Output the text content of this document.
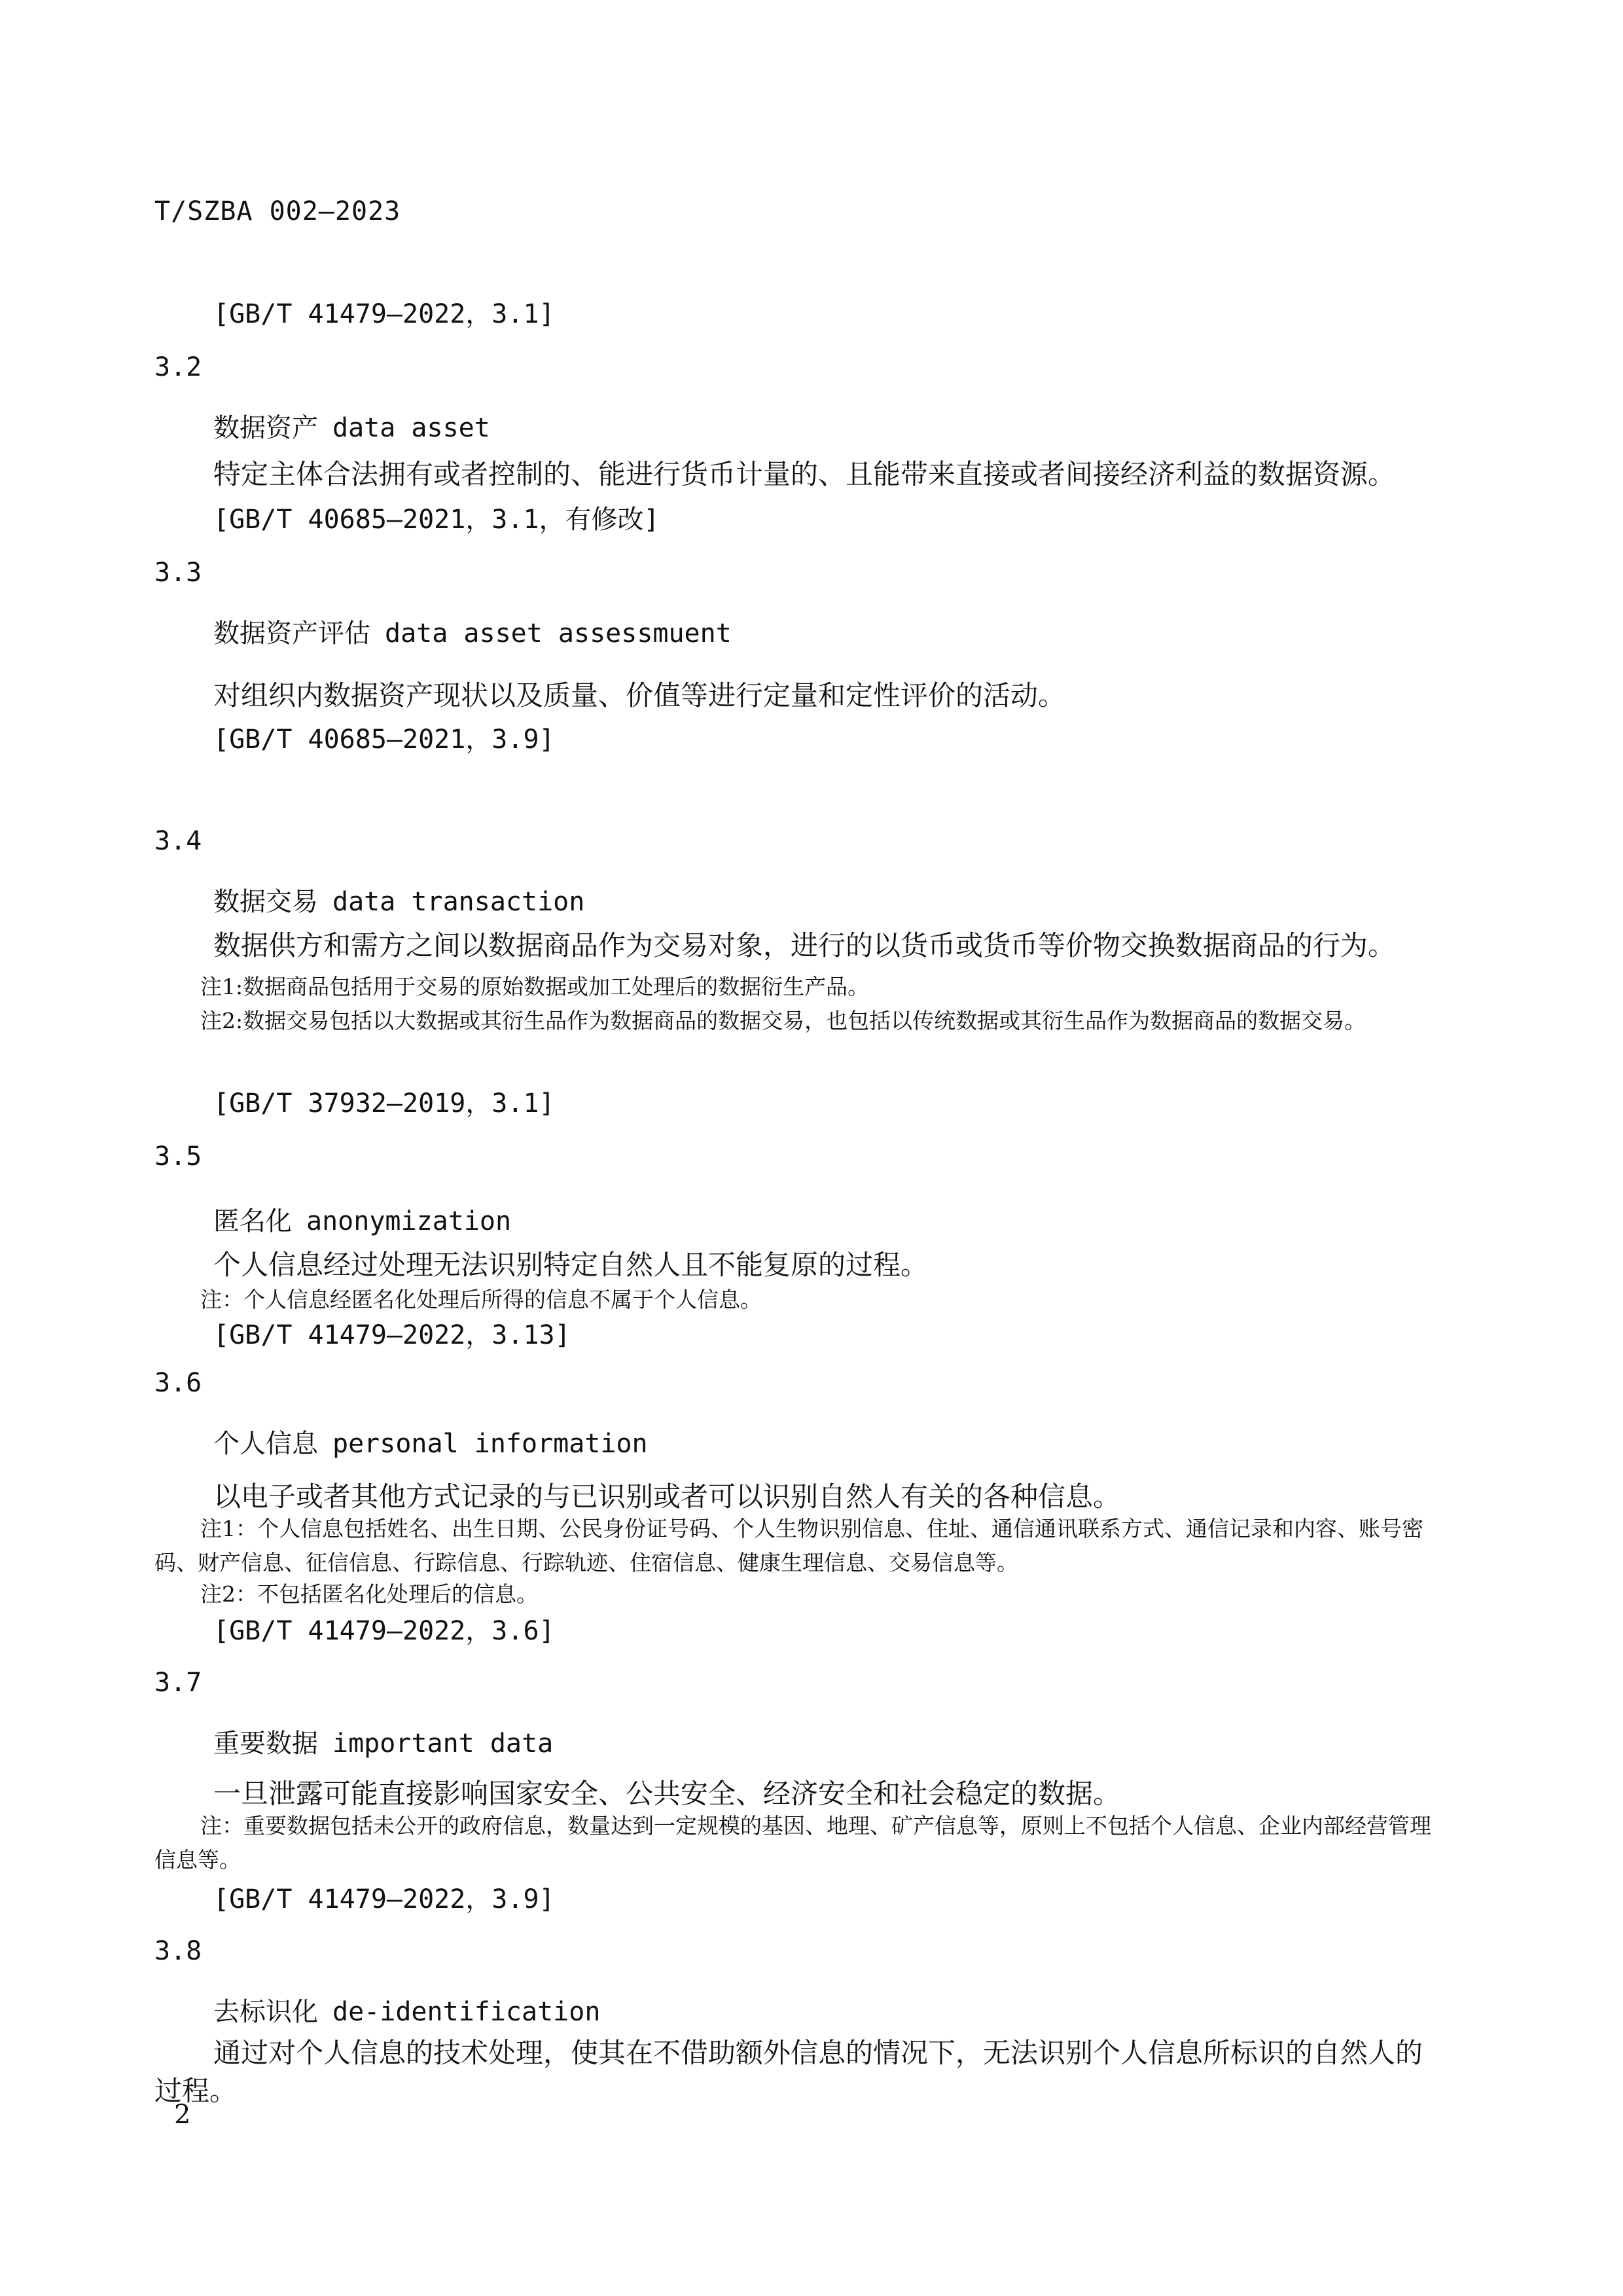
T/SZBA 002—2023
[GB/T 41479—2022，3.1]
3.2
数据资产 data asset
特定主体合法拥有或者控制的、能进行货币计量的、且能带来直接或者间接经济利益的数据资源。
[GB/T 40685—2021，3.1，有修改]
3.3
数据资产评估 data asset assessmuent
对组织内数据资产现状以及质量、价值等进行定量和定性评价的活动。
[GB/T 40685—2021，3.9]
3.4
数据交易 data transaction
数据供方和需方之间以数据商品作为交易对象，进行的以货币或货币等价物交换数据商品的行为。
注1:数据商品包括用于交易的原始数据或加工处理后的数据衍生产品。
注2:数据交易包括以大数据或其衍生品作为数据商品的数据交易，也包括以传统数据或其衍生品作为数据商品的数据交易。
[GB/T 37932—2019，3.1]
3.5
匿名化 anonymization
个人信息经过处理无法识别特定自然人且不能复原的过程。
注：个人信息经匿名化处理后所得的信息不属于个人信息。
[GB/T 41479—2022，3.13]
3.6
个人信息 personal information
以电子或者其他方式记录的与已识别或者可以识别自然人有关的各种信息。
注1：个人信息包括姓名、出生日期、公民身份证号码、个人生物识别信息、住址、通信通讯联系方式、通信记录和内容、账号密码、财产信息、征信信息、行踪信息、行踪轨迹、住宿信息、健康生理信息、交易信息等。
注2：不包括匿名化处理后的信息。
[GB/T 41479—2022，3.6]
3.7
重要数据 important data
一旦泄露可能直接影响国家安全、公共安全、经济安全和社会稳定的数据。
注：重要数据包括未公开的政府信息，数量达到一定规模的基因、地理、矿产信息等，原则上不包括个人信息、企业内部经营管理信息等。
[GB/T 41479—2022，3.9]
3.8
去标识化 de-identification
通过对个人信息的技术处理，使其在不借助额外信息的情况下，无法识别个人信息所标识的自然人的过程。
2
